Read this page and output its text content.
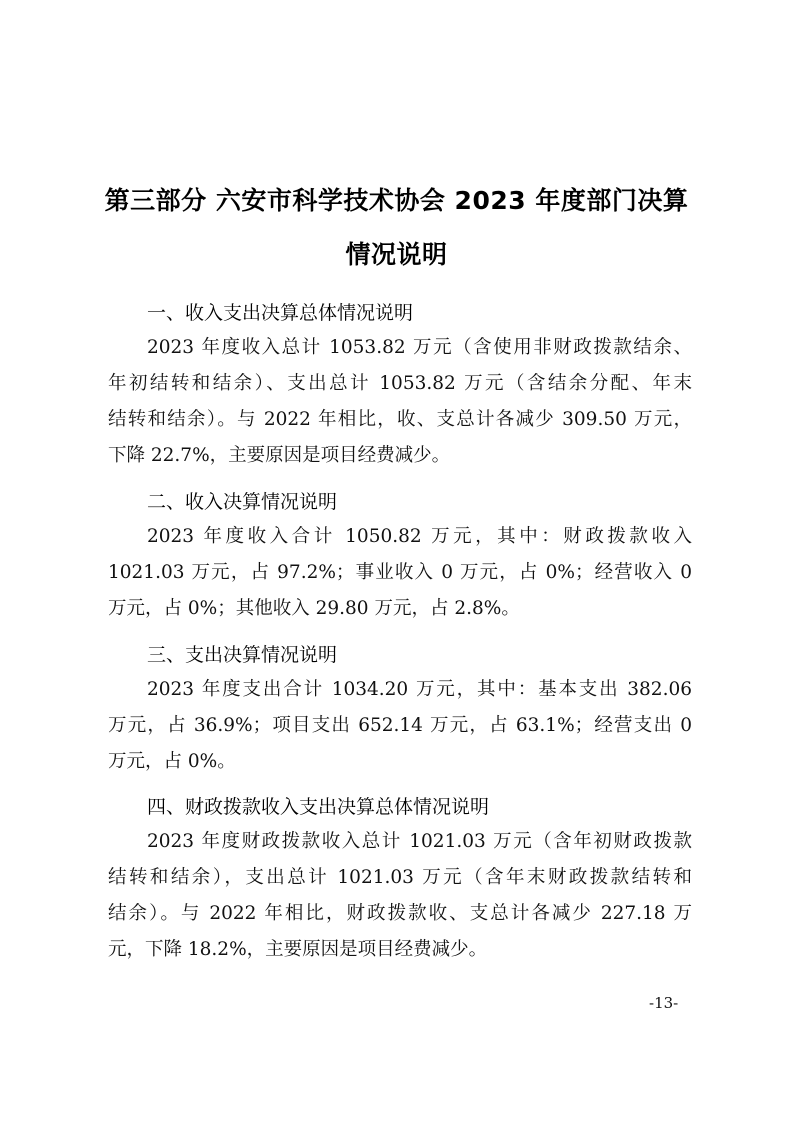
第三部分 六安市科学技术协会 2023 年度部门决算
情况说明
一、收入支出决算总体情况说明
2023 年度收入总计 1053.82 万元（含使用非财政拨款结余、
年初结转和结余）、支出总计 1053.82 万元（含结余分配、年末
结转和结余）。与 2022 年相比，收、支总计各减少 309.50 万元，
下降 22.7%，主要原因是项目经费减少。
二、收入决算情况说明
2023 年度收入合计 1050.82 万元，其中：财政拨款收入
1021.03 万元，占 97.2%；事业收入 0 万元，占 0%；经营收入 0
万元，占 0%；其他收入 29.80 万元，占 2.8%。
三、支出决算情况说明
2023 年度支出合计 1034.20 万元，其中：基本支出 382.06
万元，占 36.9%；项目支出 652.14 万元，占 63.1%；经营支出 0
万元，占 0%。
四、财政拨款收入支出决算总体情况说明
2023 年度财政拨款收入总计 1021.03 万元（含年初财政拨款
结转和结余），支出总计 1021.03 万元（含年末财政拨款结转和
结余）。与 2022 年相比，财政拨款收、支总计各减少 227.18 万
元，下降 18.2%，主要原因是项目经费减少。
-13-
